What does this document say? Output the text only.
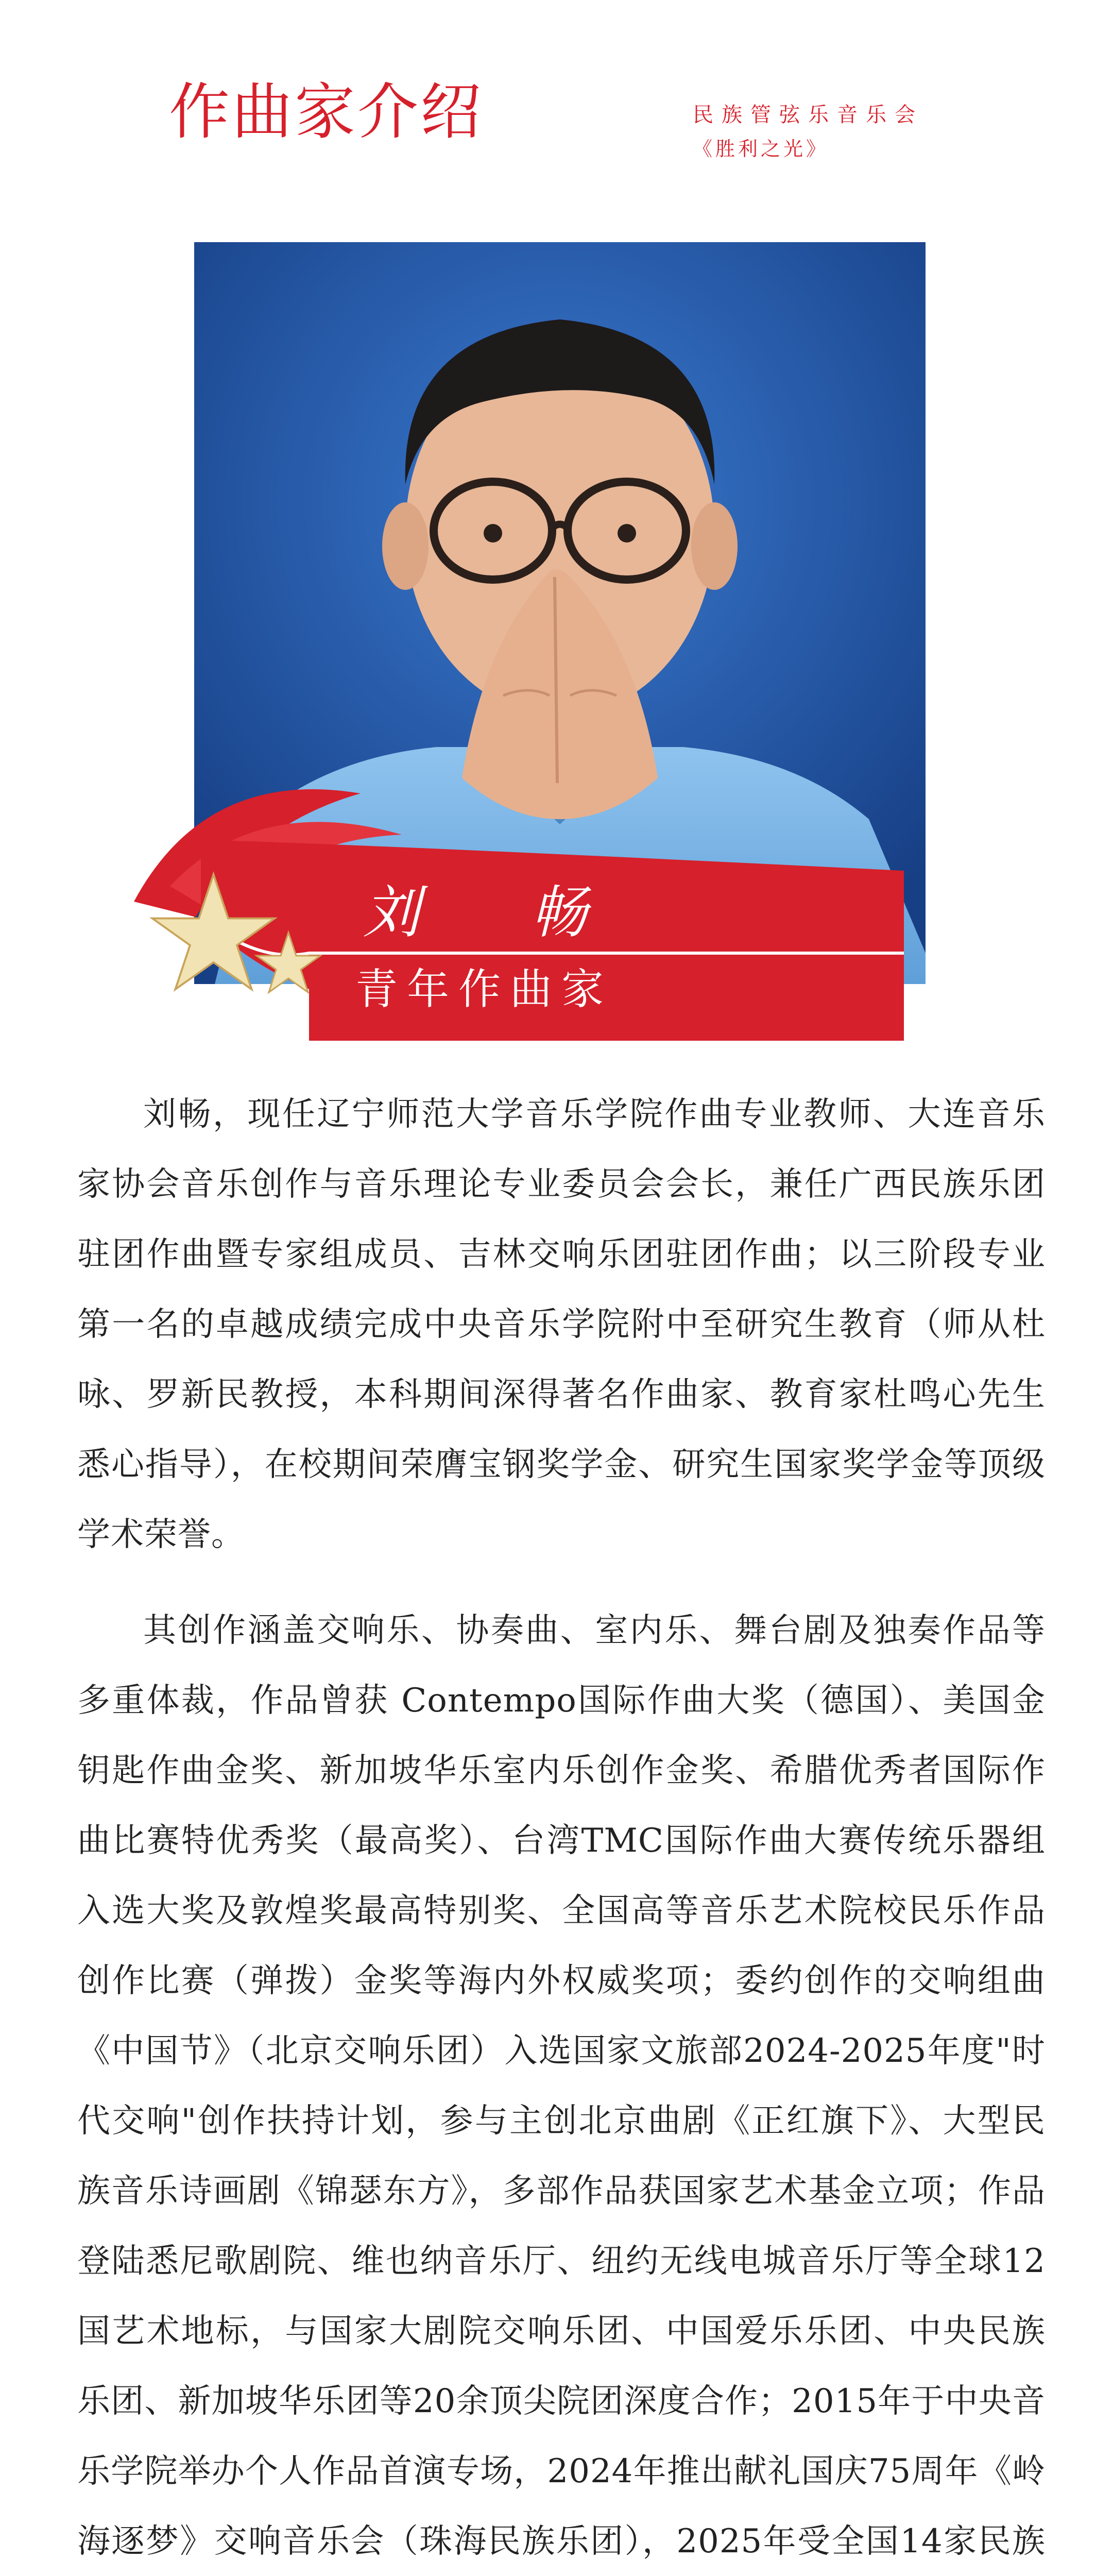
作曲家介绍	民族管弦乐音乐会
《胜利之光》
刘 畅
青年作曲家

刘畅，现任辽宁师范大学音乐学院作曲专业教师、大连音乐家协会音乐创作与音乐理论专业委员会会长，兼任广西民族乐团驻团作曲暨专家组成员、吉林交响乐团驻团作曲；以三阶段专业第一名的卓越成绩完成中央音乐学院附中至研究生教育（师从杜咏、罗新民教授，本科期间深得著名作曲家、教育家杜鸣心先生悉心指导），在校期间荣膺宝钢奖学金、研究生国家奖学金等顶级学术荣誉。

其创作涵盖交响乐、协奏曲、室内乐、舞台剧及独奏作品等多重体裁，作品曾获 Contempo国际作曲大奖（德国）、美国金钥匙作曲金奖、新加坡华乐室内乐创作金奖、希腊优秀者国际作曲比赛特优秀奖（最高奖）、台湾TMC国际作曲大赛传统乐器组入选大奖及敦煌奖最高特别奖、全国高等音乐艺术院校民乐作品创作比赛（弹拨）金奖等海内外权威奖项；委约创作的交响组曲《中国节》（北京交响乐团）入选国家文旅部2024-2025年度"时代交响"创作扶持计划，参与主创北京曲剧《正红旗下》、大型民族音乐诗画剧《锦瑟东方》，多部作品获国家艺术基金立项；作品登陆悉尼歌剧院、维也纳音乐厅、纽约无线电城音乐厅等全球12国艺术地标，与国家大剧院交响乐团、中国爱乐乐团、中央民族乐团、新加坡华乐团等20余顶尖院团深度合作；2015年于中央音乐学院举办个人作品首演专场，2024年推出献礼国庆75周年《岭海逐梦》交响音乐会（珠海民族乐团），2025年受全国14家民族
